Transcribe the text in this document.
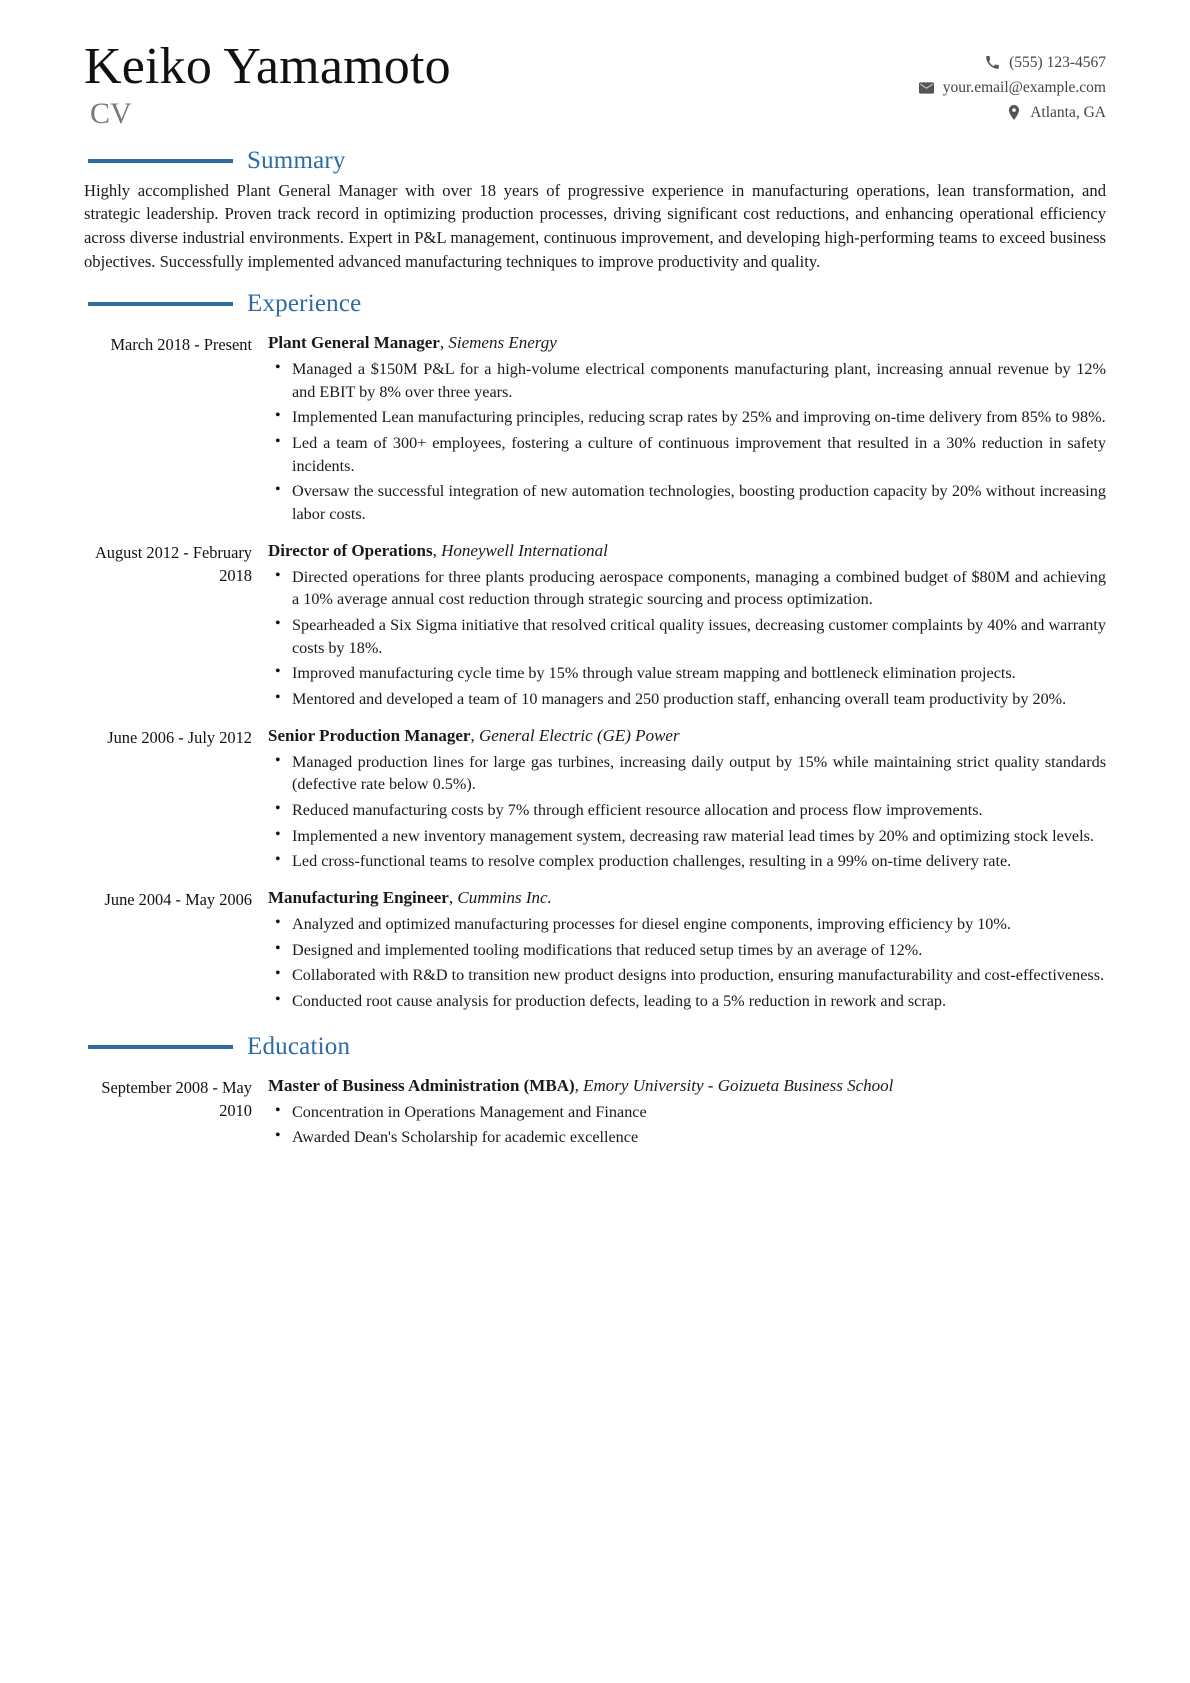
Keiko Yamamoto
CV
(555) 123-4567
your.email@example.com
Atlanta, GA
Summary

Highly accomplished Plant General Manager with over 18 years of progressive experience in manufacturing operations, lean transformation, and strategic leadership. Proven track record in optimizing production processes, driving significant cost reductions, and enhancing operational efficiency across diverse industrial environments. Expert in P&L management, continuous improvement, and developing high-performing teams to exceed business objectives. Successfully implemented advanced manufacturing techniques to improve productivity and quality.

Experience
March 2018 - Present Plant General Manager, Siemens Energy
• Managed a $150M P&L for a high-volume electrical components manufacturing plant, increasing annual revenue by 12% and EBIT by 8% over three years.
• Implemented Lean manufacturing principles, reducing scrap rates by 25% and improving on-time delivery from 85% to 98%.
• Led a team of 300+ employees, fostering a culture of continuous improvement that resulted in a 30% reduction in safety incidents.
• Oversaw the successful integration of new automation technologies, boosting production capacity by 20% without increasing labor costs.
August 2012 - February 2018
Director of Operations, Honeywell International
• Directed operations for three plants producing aerospace components, managing a combined budget of $80M and achieving a 10% average annual cost reduction through strategic sourcing and process optimization.
• Spearheaded a Six Sigma initiative that resolved critical quality issues, decreasing customer complaints by 40% and warranty costs by 18%.
• Improved manufacturing cycle time by 15% through value stream mapping and bottleneck elimination projects.
• Mentored and developed a team of 10 managers and 250 production staff, enhancing overall team productivity by 20%.
June 2006 - July 2012 Senior Production Manager, General Electric (GE) Power
• Managed production lines for large gas turbines, increasing daily output by 15% while maintaining strict quality standards (defective rate below 0.5%).
• Reduced manufacturing costs by 7% through efficient resource allocation and process flow improvements.
• Implemented a new inventory management system, decreasing raw material lead times by 20% and optimizing stock levels.
• Led cross-functional teams to resolve complex production challenges, resulting in a 99% on-time delivery rate.
June 2004 - May 2006 Manufacturing Engineer, Cummins Inc.
• Analyzed and optimized manufacturing processes for diesel engine components, improving efficiency by 10%.
• Designed and implemented tooling modifications that reduced setup times by an average of 12%.
• Collaborated with R&D to transition new product designs into production, ensuring manufacturability and cost-effectiveness.
• Conducted root cause analysis for production defects, leading to a 5% reduction in rework and scrap.
Education
September 2008 - May 2010
Master of Business Administration (MBA), Emory University - Goizueta Business School
• Concentration in Operations Management and Finance
• Awarded Dean's Scholarship for academic excellence
